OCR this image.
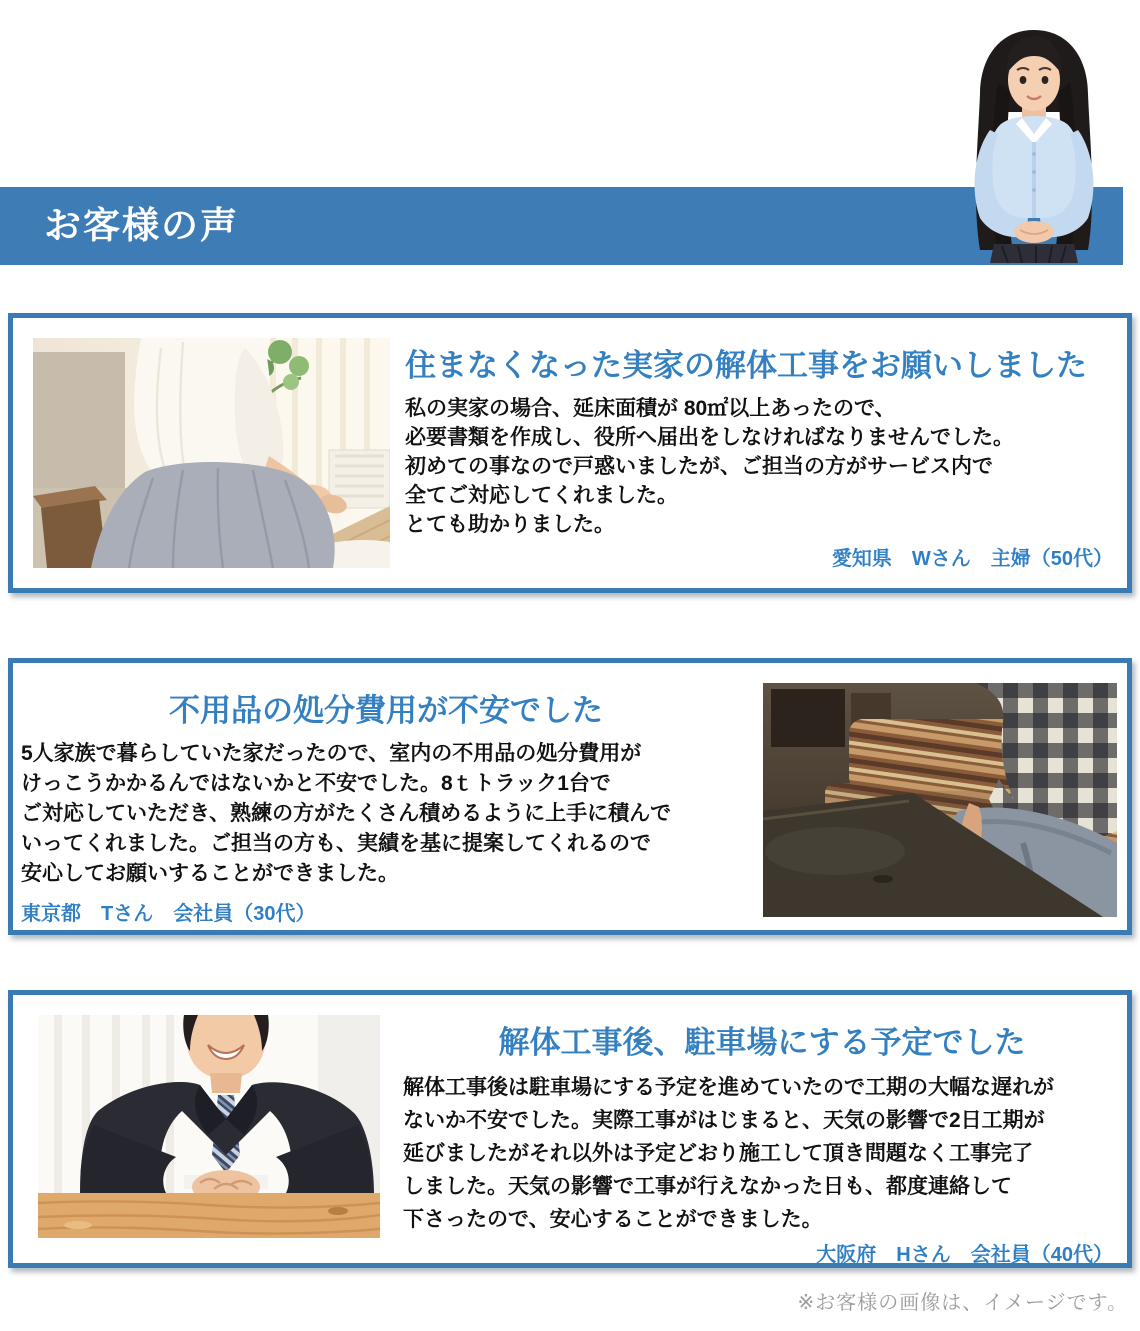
お客様の声
住まなくなった実家の解体工事をお願いしました
私の実家の場合、延床面積が 80㎡以上あったので、
必要書類を作成し、役所へ届出をしなければなりませんでした。
初めての事なので戸惑いましたが、ご担当の方がサービス内で
全てご対応してくれました。
とても助かりました。
愛知県　Wさん　主婦（50代）
不用品の処分費用が不安でした
5人家族で暮らしていた家だったので、室内の不用品の処分費用が
けっこうかかるんではないかと不安でした。8ｔトラック1台で
ご対応していただき、熟練の方がたくさん積めるように上手に積んで
いってくれました。ご担当の方も、実績を基に提案してくれるので
安心してお願いすることができました。
東京都　Tさん　会社員（30代）
解体工事後、駐車場にする予定でした
解体工事後は駐車場にする予定を進めていたので工期の大幅な遅れが
ないか不安でした。実際工事がはじまると、天気の影響で2日工期が
延びましたがそれ以外は予定どおり施工して頂き問題なく工事完了
しました。天気の影響で工事が行えなかった日も、都度連絡して
下さったので、安心することができました。
大阪府　Hさん　会社員（40代）
※お客様の画像は、イメージです。
